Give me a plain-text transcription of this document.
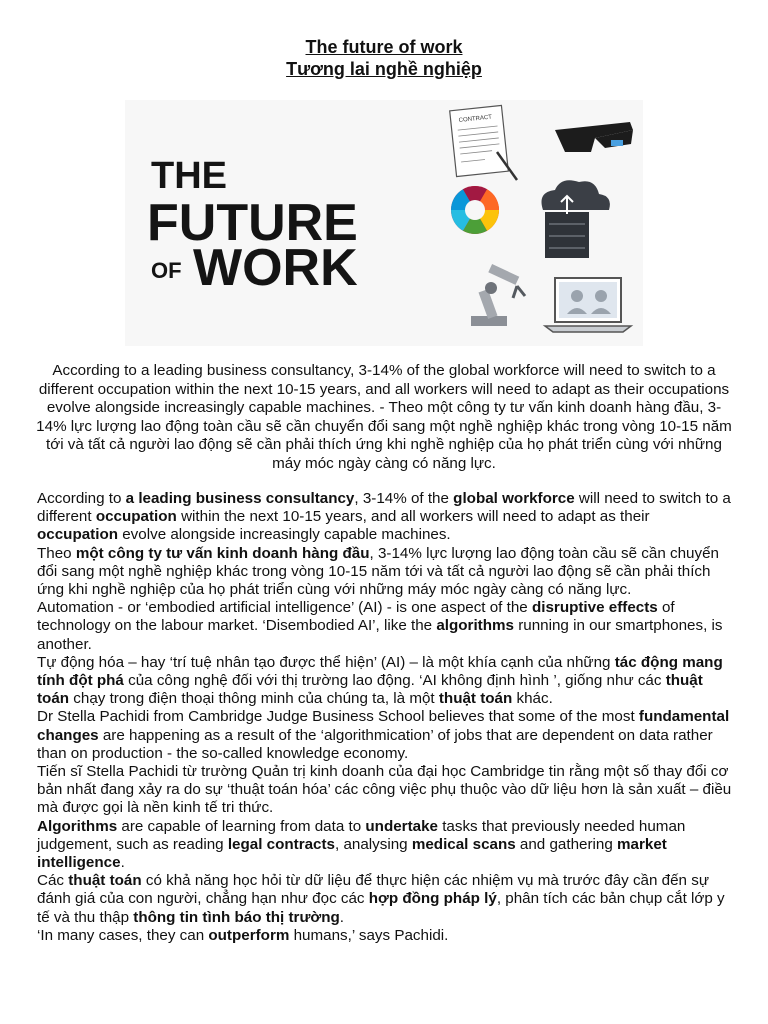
The future of work
Tương lai nghề nghiệp
THE
FUTURE
OF WORK
CONTRACT
According to a leading business consultancy, 3-14% of the global workforce will need to switch to a different occupation within the next 10-15 years, and all workers will need to adapt as their occupations evolve alongside increasingly capable machines. - Theo một công ty tư vấn kinh doanh hàng đầu, 3-14% lực lượng lao động toàn cầu sẽ cần chuyển đổi sang một nghề nghiệp khác trong vòng 10-15 năm tới và tất cả người lao động sẽ cần phải thích ứng khi nghề nghiệp của họ phát triển cùng với những máy móc ngày càng có năng lực.

According to a leading business consultancy, 3-14% of the global workforce will need to switch to a different occupation within the next 10-15 years, and all workers will need to adapt as their occupation evolve alongside increasingly capable machines.

Theo một công ty tư vấn kinh doanh hàng đầu, 3-14% lực lượng lao động toàn cầu sẽ cần chuyển đổi sang một nghề nghiệp khác trong vòng 10-15 năm tới và tất cả người lao động sẽ cần phải thích ứng khi nghề nghiệp của họ phát triển cùng với những máy móc ngày càng có năng lực.

Automation - or ‘embodied artificial intelligence’ (AI) - is one aspect of the disruptive effects of technology on the labour market. ‘Disembodied AI’, like the algorithms running in our smartphones, is another.

Tự động hóa – hay ‘trí tuệ nhân tạo được thể hiện’ (AI) – là một khía cạnh của những tác động mang tính đột phá của công nghệ đối với thị trường lao động. ‘AI không định hình ’, giống như các thuật toán chạy trong điện thoại thông minh của chúng ta, là một thuật toán khác.

Dr Stella Pachidi from Cambridge Judge Business School believes that some of the most fundamental changes are happening as a result of the ‘algorithmication’ of jobs that are dependent on data rather than on production - the so-called knowledge economy.

Tiến sĩ Stella Pachidi từ trường Quản trị kinh doanh của đại học Cambridge tin rằng một số thay đổi cơ bản nhất đang xảy ra do sự ‘thuật toán hóa’ các công việc phụ thuộc vào dữ liệu hơn là sản xuất – điều mà được gọi là nền kinh tế tri thức.

Algorithms are capable of learning from data to undertake tasks that previously needed human judgement, such as reading legal contracts, analysing medical scans and gathering market intelligence.

Các thuật toán có khả năng học hỏi từ dữ liệu để thực hiện các nhiệm vụ mà trước đây cần đến sự đánh giá của con người, chẳng hạn như đọc các hợp đồng pháp lý, phân tích các bản chụp cắt lớp y tế và thu thập thông tin tình báo thị trường.

‘In many cases, they can outperform humans,’ says Pachidi.
